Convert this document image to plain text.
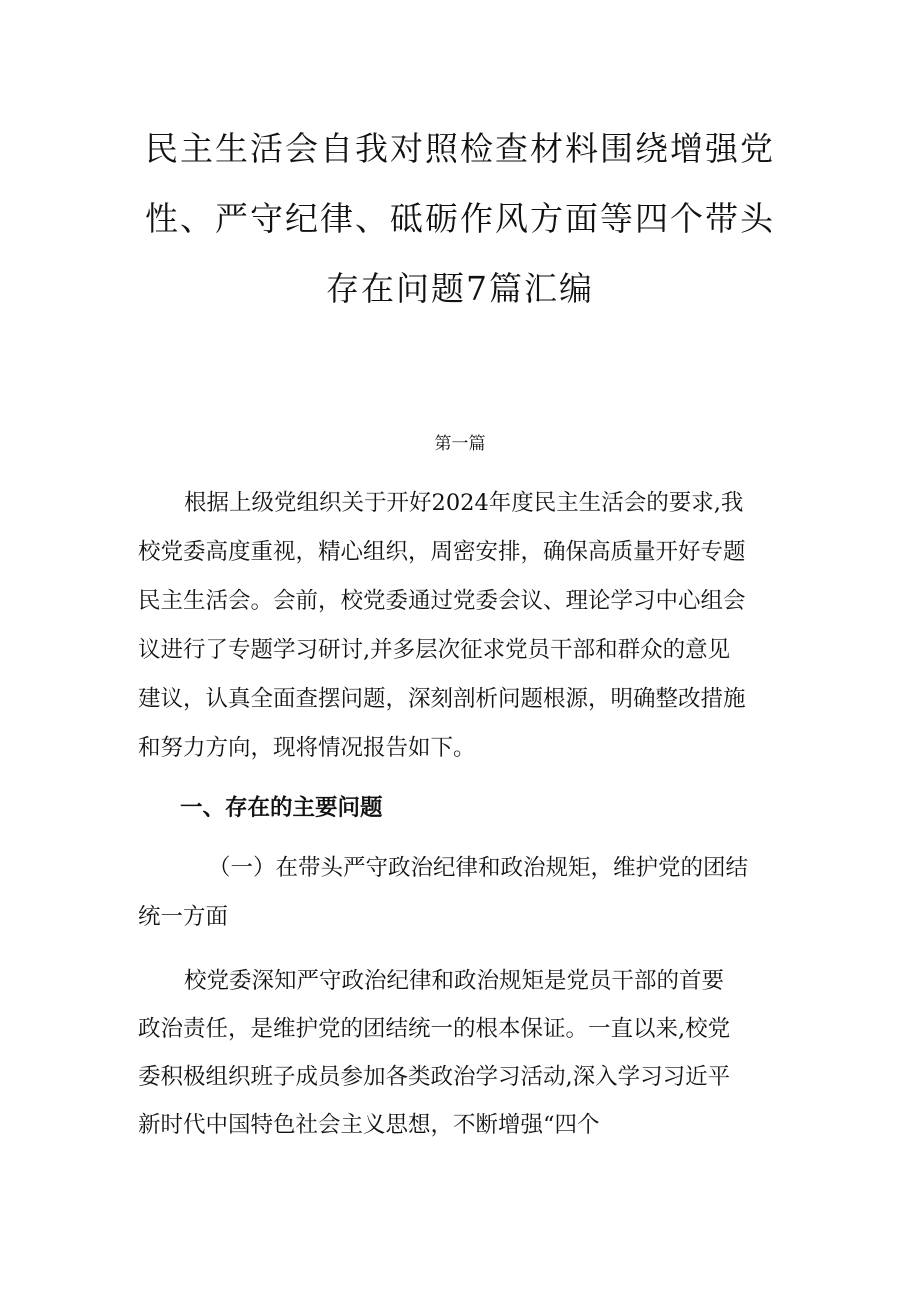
民主生活会自我对照检查材料围绕增强党
性、严守纪律、砥砺作风方面等四个带头
存在问题7篇汇编
第一篇
根据上级党组织关于开好2024年度民主生活会的要求,我
校党委高度重视，精心组织，周密安排，确保高质量开好专题
民主生活会。会前，校党委通过党委会议、理论学习中心组会
议进行了专题学习研讨,并多层次征求党员干部和群众的意见
建议，认真全面查摆问题，深刻剖析问题根源，明确整改措施
和努力方向，现将情况报告如下。
一、存在的主要问题
（一）在带头严守政治纪律和政治规矩，维护党的团结
统一方面
校党委深知严守政治纪律和政治规矩是党员干部的首要
政治责任，是维护党的团结统一的根本保证。一直以来,校党
委积极组织班子成员参加各类政治学习活动,深入学习习近平
新时代中国特色社会主义思想，不断增强“四个
